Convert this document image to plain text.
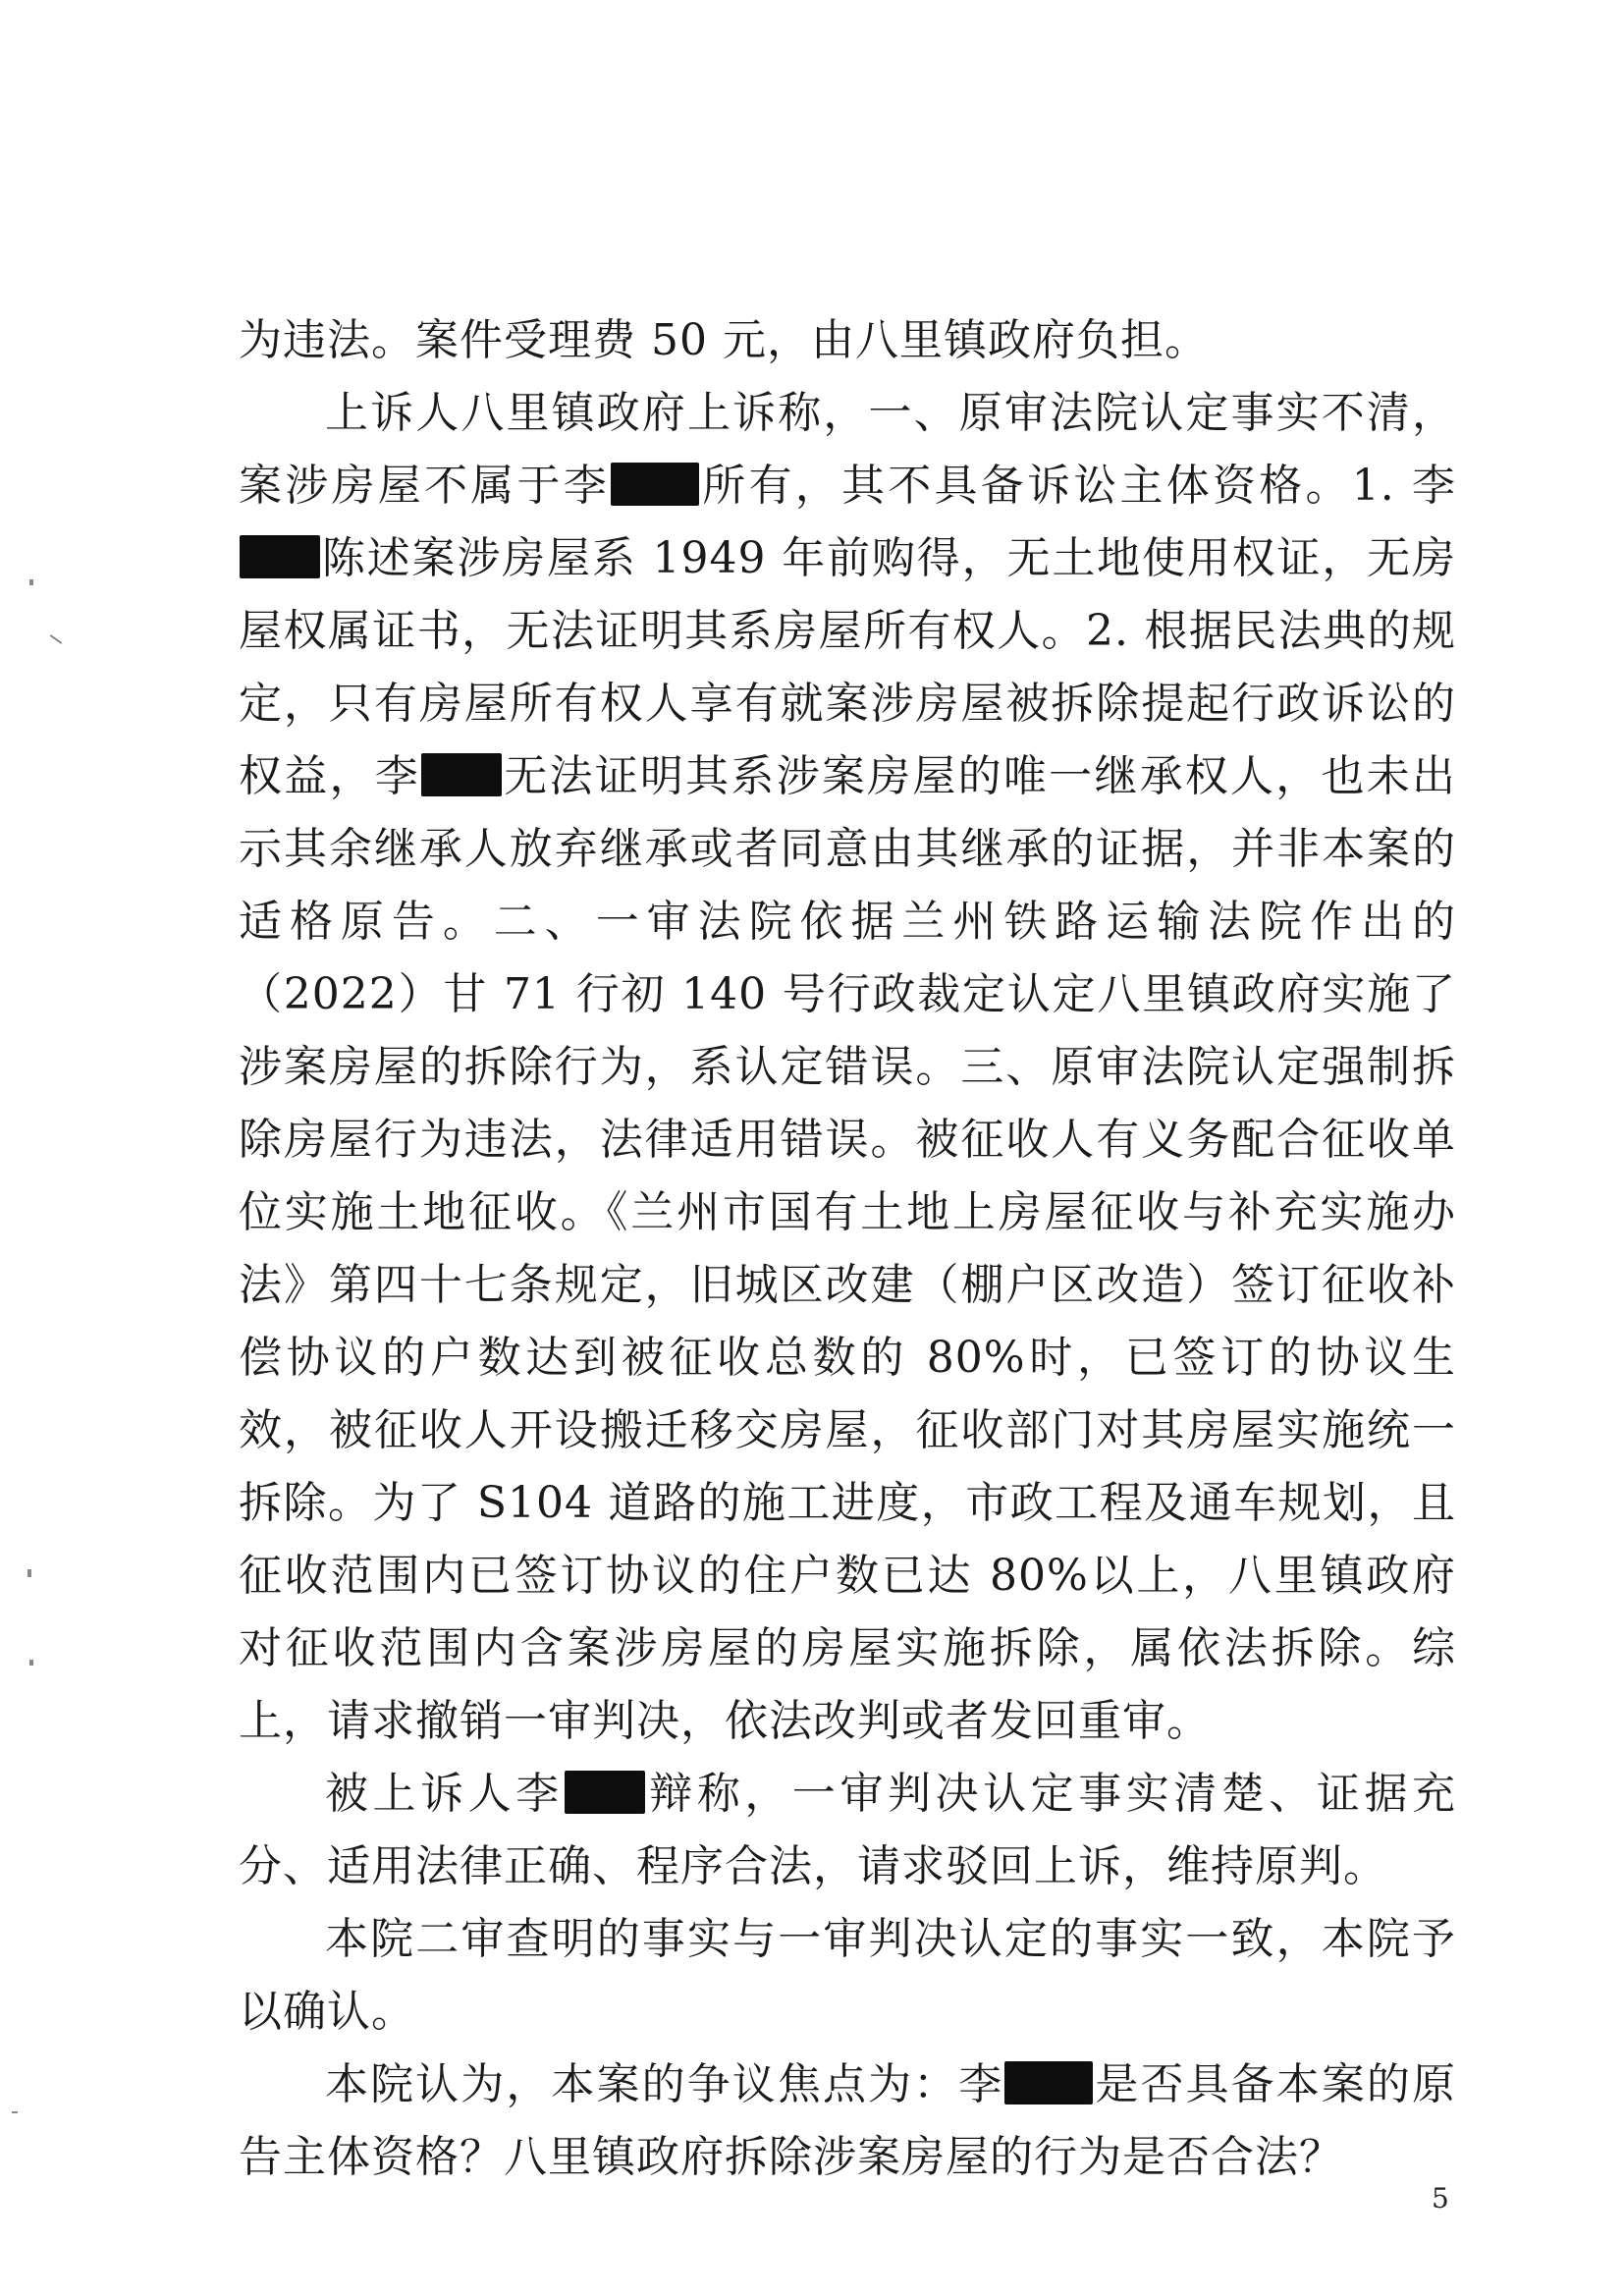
为违法。案件受理费 50 元，由八里镇政府负担。

上诉人八里镇政府上诉称，一、原审法院认定事实不清，案涉房屋不属于李 所有，其不具备诉讼主体资格。1. 李陈述案涉房屋系 1949 年前购得，无土地使用权证，无房屋权属证书，无法证明其系房屋所有权人。2. 根据民法典的规定，只有房屋所有权人享有就案涉房屋被拆除提起行政诉讼的权益，李 无法证明其系涉案房屋的唯一继承权人，也未出示其余继承人放弃继承或者同意由其继承的证据，并非本案的适格原告。二、一审法院依据兰州铁路运输法院作出的（2022）甘 71 行初 140 号行政裁定认定八里镇政府实施了涉案房屋的拆除行为，系认定错误。三、原审法院认定强制拆除房屋行为违法，法律适用错误。被征收人有义务配合征收单位实施土地征收。《兰州市国有土地上房屋征收与补充实施办法》第四十七条规定，旧城区改建（棚户区改造）签订征收补偿协议的户数达到被征收总数的 80%时，已签订的协议生效，被征收人开设搬迁移交房屋，征收部门对其房屋实施统一拆除。为了 S104 道路的施工进度，市政工程及通车规划，且征收范围内已签订协议的住户数已达 80%以上，八里镇政府对征收范围内含案涉房屋的房屋实施拆除，属依法拆除。综上，请求撤销一审判决，依法改判或者发回重审。

被上诉人李 辩称，一审判决认定事实清楚、证据充分、适用法律正确、程序合法，请求驳回上诉，维持原判。

本院二审查明的事实与一审判决认定的事实一致，本院予以确认。

本院认为，本案的争议焦点为：李 是否具备本案的原告主体资格？八里镇政府拆除涉案房屋的行为是否合法？

5
